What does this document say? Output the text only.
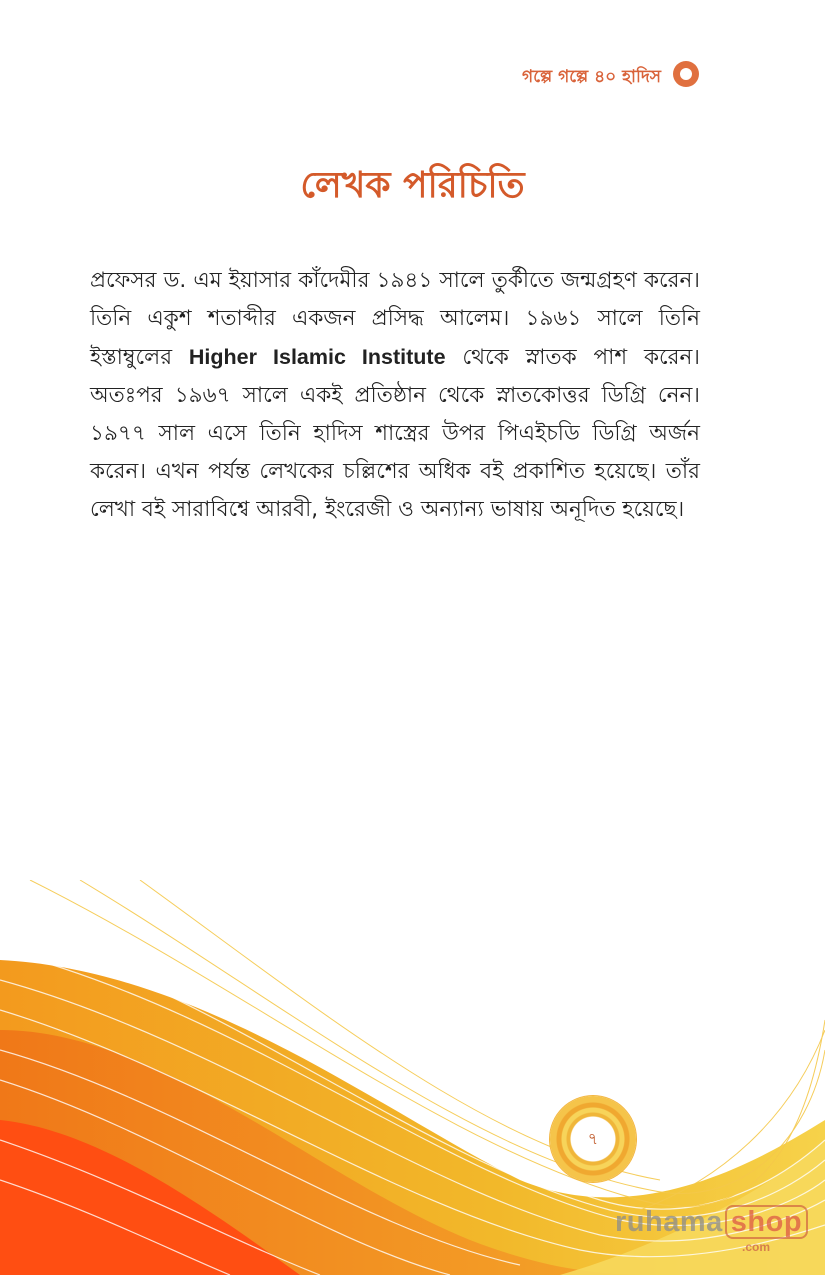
গল্পে গল্পে ৪০ হাদিস
লেখক পরিচিতি

প্রফেসর ড. এম ইয়াসার কাঁদেমীর ১৯৪১ সালে তুর্কীতে জন্মগ্রহণ করেন। তিনি একুশ শতাব্দীর একজন প্রসিদ্ধ আলেম। ১৯৬১ সালে তিনি ইস্তাম্বুলের Higher Islamic Institute থেকে স্নাতক পাশ করেন। অতঃপর ১৯৬৭ সালে একই প্রতিষ্ঠান থেকে স্নাতকোত্তর ডিগ্রি নেন। ১৯৭৭ সাল এসে তিনি হাদিস শাস্ত্রের উপর পিএইচডি ডিগ্রি অর্জন করেন। এখন পর্যন্ত লেখকের চল্লিশের অধিক বই প্রকাশিত হয়েছে। তাঁর লেখা বই সারাবিশ্বে আরবী, ইংরেজী ও অন্যান্য ভাষায় অনূদিত হয়েছে।

৭
ruhama shop
.com
